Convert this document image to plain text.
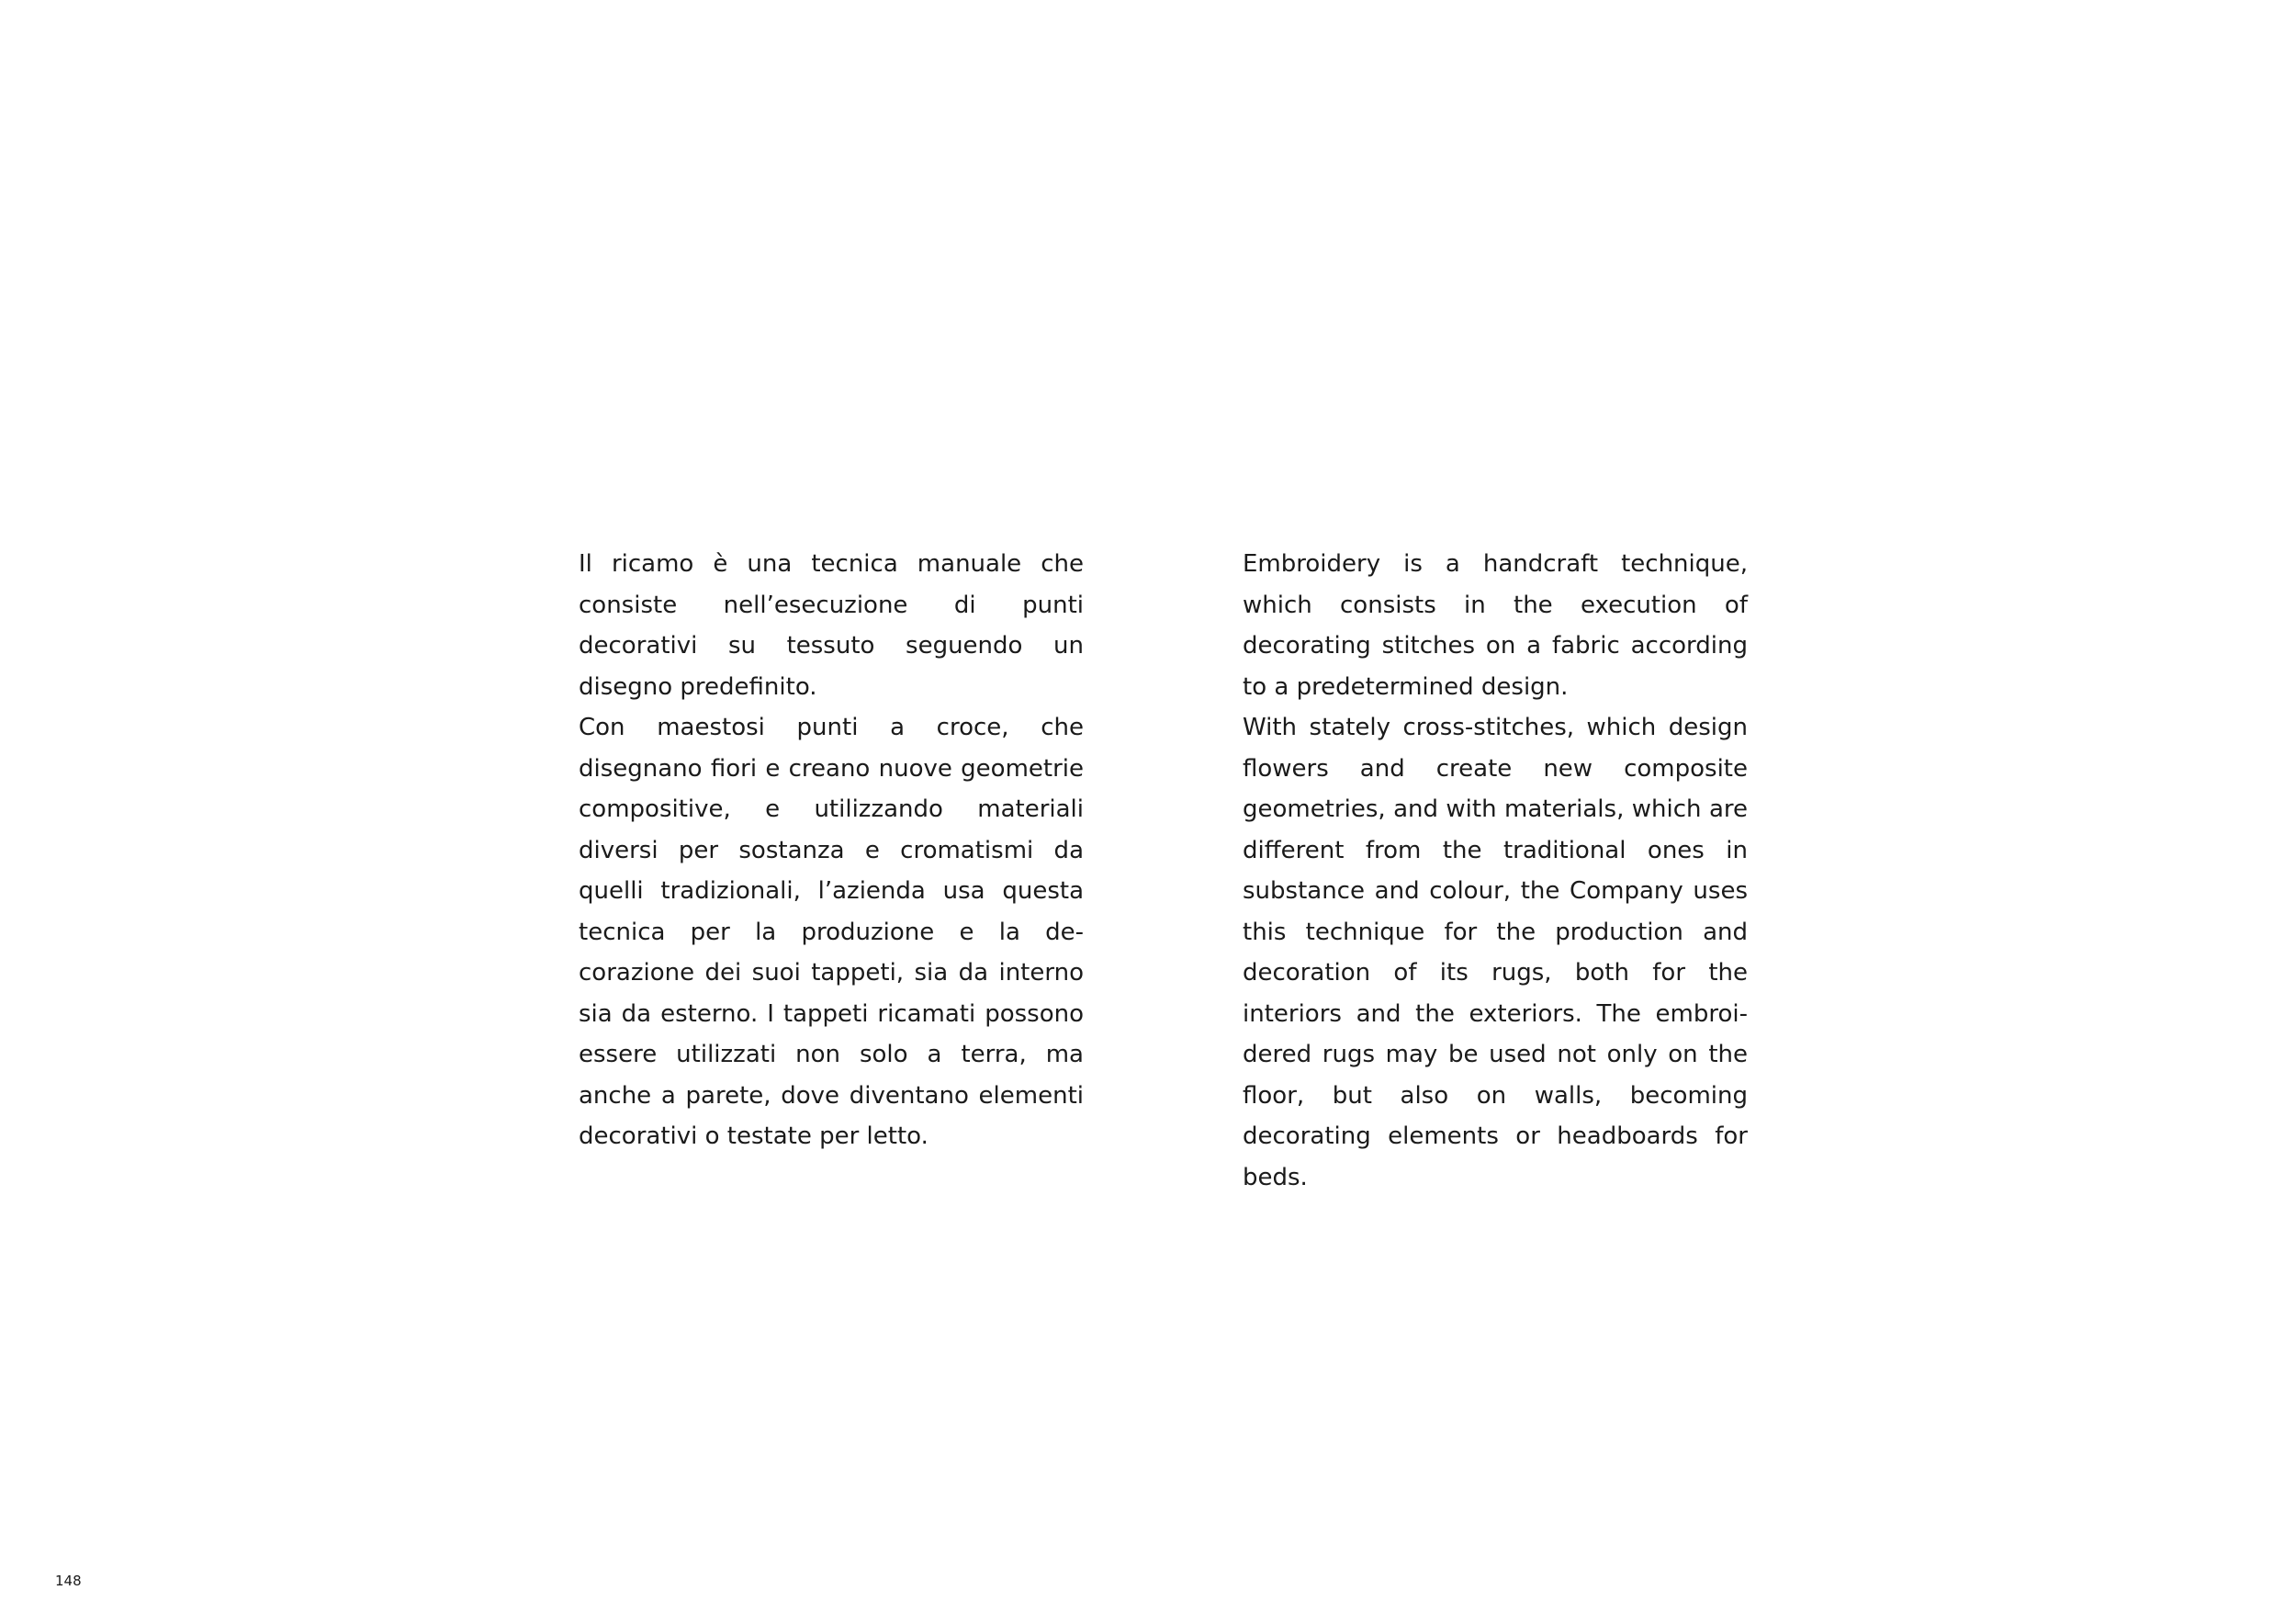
Il ricamo è una tecnica manuale che consiste nell’esecuzione di punti decorativi su tessuto seguendo un disegno predefinito.

Con maestosi punti a croce, che disegnano fiori e creano nuove geometrie compositive, e utilizzando materiali diversi per sostanza e cromatismi da quelli tradizionali, l’azienda usa questa tecnica per la produzione e la decorazione dei suoi tappeti, sia da interno sia da esterno. I tappeti ricamati possono essere utilizzati non solo a terra, ma anche a parete, dove diventano elementi decorativi o testate per letto.

Embroidery is a handcraft technique, which consists in the execution of decorating stitches on a fabric according to a predetermined design.

With stately cross-stitches, which design flowers and create new composite geometries, and with materials, which are different from the traditional ones in substance and colour, the Company uses this technique for the production and decoration of its rugs, both for the interiors and the exteriors. The embroidered rugs may be used not only on the floor, but also on walls, becoming decorating elements or headboards for beds.

148
